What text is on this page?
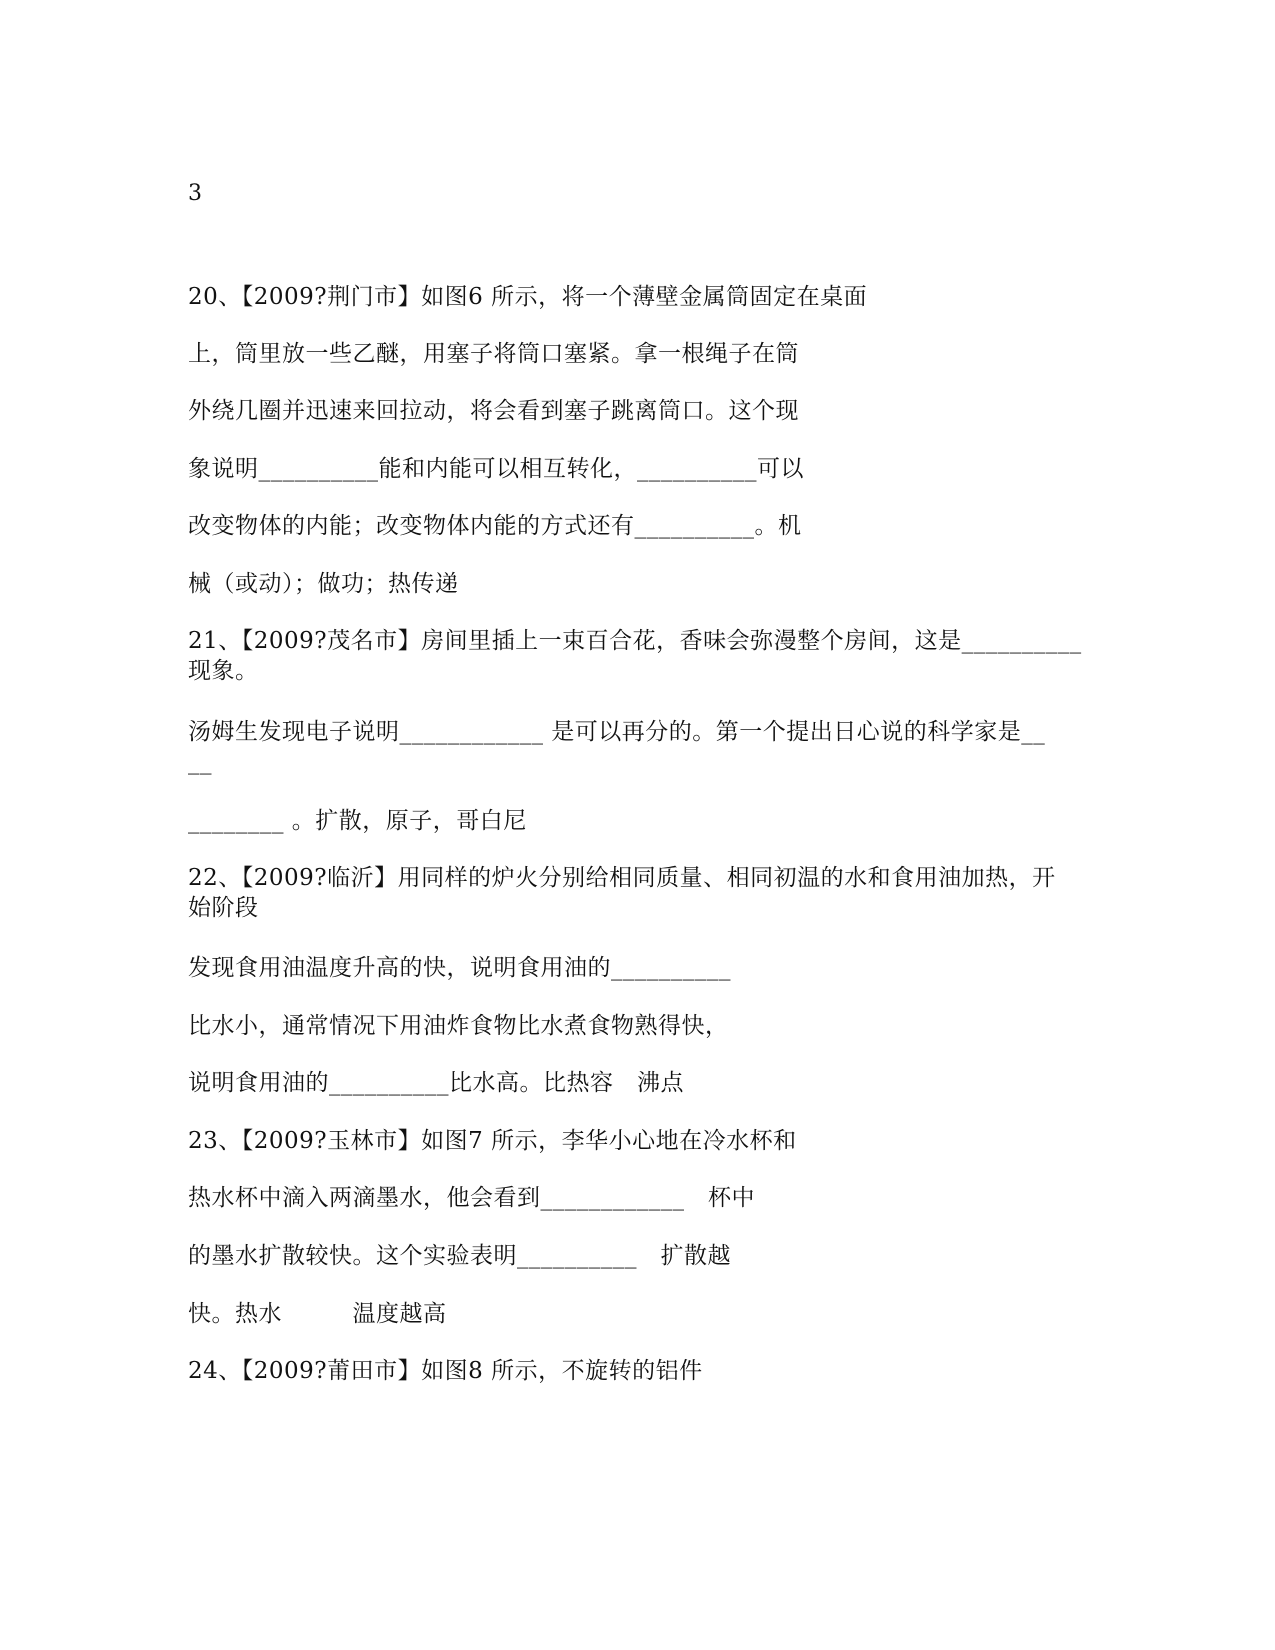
3
20、【2009?荆门市】如图6 所示，将一个薄壁金属筒固定在桌面
上，筒里放一些乙醚，用塞子将筒口塞紧。拿一根绳子在筒
外绕几圈并迅速来回拉动，将会看到塞子跳离筒口。这个现
象说明__________能和内能可以相互转化，__________可以
改变物体的内能；改变物体内能的方式还有__________。机
械（或动）；做功；热传递
21、【2009?茂名市】房间里插上一束百合花，香味会弥漫整个房间，这是__________
现象。
汤姆生发现电子说明____________ 是可以再分的。第一个提出日心说的科学家是__
__
________ 。扩散，原子，哥白尼
22、【2009?临沂】用同样的炉火分别给相同质量、相同初温的水和食用油加热，开
始阶段
发现食用油温度升高的快，说明食用油的__________
比水小，通常情况下用油炸食物比水煮食物熟得快，
说明食用油的__________比水高。比热容　沸点
23、【2009?玉林市】如图7 所示，李华小心地在冷水杯和
热水杯中滴入两滴墨水，他会看到____________　杯中
的墨水扩散较快。这个实验表明__________　扩散越
快。热水　　　温度越高
24、【2009?莆田市】如图8 所示，不旋转的铝件
